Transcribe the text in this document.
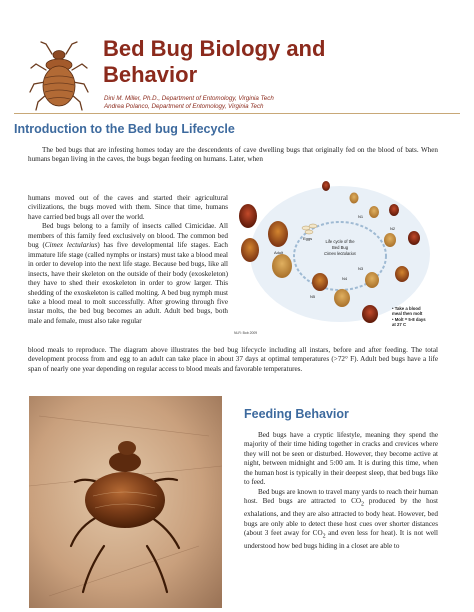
Bed Bug Biology and
Behavior
Dini M. Miller, Ph.D., Department of Entomology, Virginia Tech
Andrea Polanco, Department of Entomology, Virginia Tech
Introduction to the Bed bug Lifecycle

The bed bugs that are infesting homes today are the descendents of cave dwelling bugs that originally fed on the blood of bats. When humans began living in the caves, the bugs began feeding on humans. Later, when

humans moved out of the caves and started their agricultural civilizations, the bugs moved with them. Since that time, humans have carried bed bugs all over the world.

Bed bugs belong to a family of insects called Cimicidae. All members of this family feed exclusively on blood. The common bed bug (Cimex lectularius) has five developmental life stages. Each immature life stage (called nymphs or instars) must take a blood meal in order to develop into the next life stage. Because bed bugs, like all insects, have their skeleton on the outside of their body (exoskeleton) they have to shed their exoskeleton in order to grow larger. This shedding of the exoskeleton is called molting. A bed bug nymph must take a blood meal to molt successfully. After growing through five instar molts, the bed bug becomes an adult. Adult bed bugs, both male and female, must also take regular

blood meals to reproduce. The diagram above illustrates the bed bug lifecycle including all instars, before and after feeding. The total development process from and egg to an adult can take place in about 37 days at optimal temperatures (>72° F). Adult bed bugs have a life span of nearly one year depending on regular access to blood meals and favorable temperatures.

Life cycle of the
Bed Bug
Cimex lectularius
Eggs
Adult
N1
N2
N3
N4
N5
NLR: Bob 2009
• Take a blood
meal then molt
• Molt = 5-8 days
at 27 C
Feeding Behavior

Bed bugs have a cryptic lifestyle, meaning they spend the majority of their time hiding together in cracks and crevices where they will not be seen or disturbed. However, they become active at night, between midnight and 5:00 am. It is during this time, when the human host is typically in their deepest sleep, that bed bugs like to feed.

Bed bugs are known to travel many yards to reach their human host. Bed bugs are attracted to $CO_2$ produced by the host exhalations, and they are also attracted to body heat. However, bed bugs are only able to detect these host cues over shorter distances (about 3 feet away for $CO_2$ and even less for heat). It is not well understood how bed bugs hiding in a closet are able to
